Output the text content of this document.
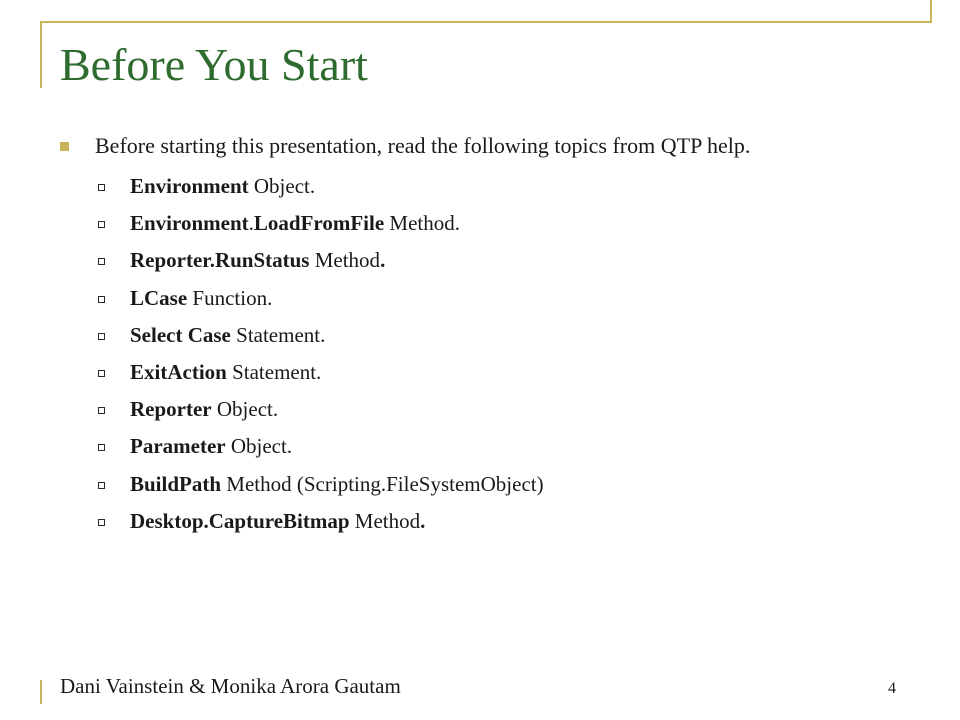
Before You Start
Before starting this presentation, read the following topics from QTP help.
Environment Object.
Environment.LoadFromFile Method.
Reporter.RunStatus Method.
LCase Function.
Select Case Statement.
ExitAction Statement.
Reporter Object.
Parameter Object.
BuildPath Method (Scripting.FileSystemObject)
Desktop.CaptureBitmap Method.
Dani Vainstein & Monika Arora Gautam	4
